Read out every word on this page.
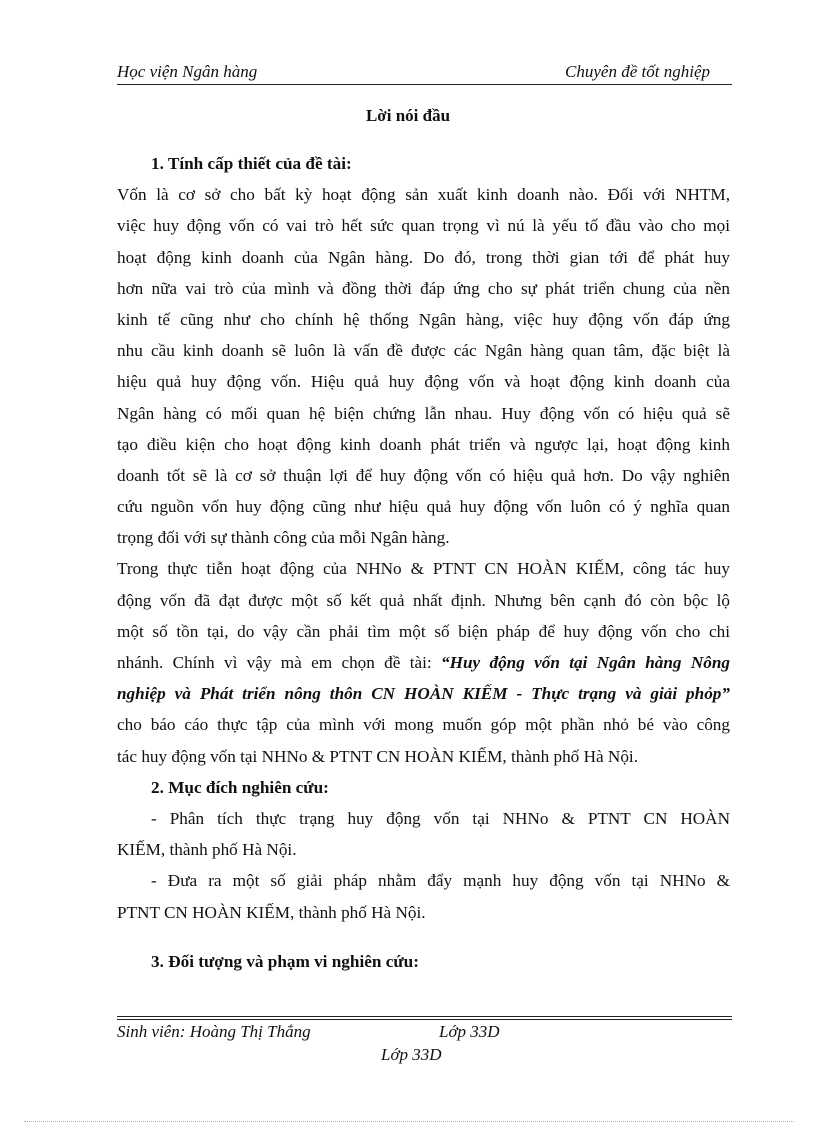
Học viện Ngân hàng	Chuyên đề tốt nghiệp
Lời nói đầu
1. Tính cấp thiết của đề tài:
Vốn là cơ sở cho bất kỳ hoạt động sản xuất kinh doanh nào. Đối với NHTM,
việc huy động vốn có vai trò hết sức quan trọng vì nú là yếu tố đầu vào cho mọi
hoạt động kinh doanh của Ngân hàng. Do đó, trong thời gian tới để phát huy
hơn nữa vai trò của mình và đồng thời đáp ứng cho sự phát triển chung của nền
kinh tế cũng như cho chính hệ thống Ngân hàng, việc huy động vốn đáp ứng
nhu cầu kinh doanh sẽ luôn là vấn đề được các Ngân hàng quan tâm, đặc biệt là
hiệu quả huy động vốn. Hiệu quả huy động vốn và hoạt động kinh doanh của
Ngân hàng có mối quan hệ biện chứng lẫn nhau. Huy động vốn có hiệu quả sẽ
tạo điều kiện cho hoạt động kinh doanh phát triển và ngược lại, hoạt động kinh
doanh tốt sẽ là cơ sở thuận lợi để huy động vốn có hiệu quả hơn. Do vậy nghiên
cứu nguồn vốn huy động cũng như hiệu quả huy động vốn luôn có ý nghĩa quan
trọng đối với sự thành công của mỗi Ngân hàng.
Trong thực tiễn hoạt động của NHNo & PTNT CN HOÀN KIẾM, công tác huy
động vốn đã đạt được một số kết quả nhất định. Nhưng bên cạnh đó còn bộc lộ
một số tồn tại, do vậy cần phải tìm một số biện pháp để huy động vốn cho chi
nhánh. Chính vì vậy mà em chọn đề tài: “Huy động vốn tại Ngân hàng Nông
nghiệp và Phát triển nông thôn CN HOÀN KIẾM - Thực trạng và giải phỏp”
cho báo cáo thực tập của mình với mong muốn góp một phần nhỏ bé vào công
tác huy động vốn tại NHNo & PTNT CN HOÀN KIẾM, thành phố Hà Nội.
2. Mục đích nghiên cứu:
- Phân tích thực trạng huy động vốn tại NHNo & PTNT CN HOÀN
KIẾM, thành phố Hà Nội.
- Đưa ra một số giải pháp nhằm đẩy mạnh huy động vốn tại NHNo &
PTNT CN HOÀN KIẾM, thành phố Hà Nội.
3. Đối tượng và phạm vi nghiên cứu:
Sinh viên: Hoàng Thị Thắng	Lớp 33D
Lớp 33D
